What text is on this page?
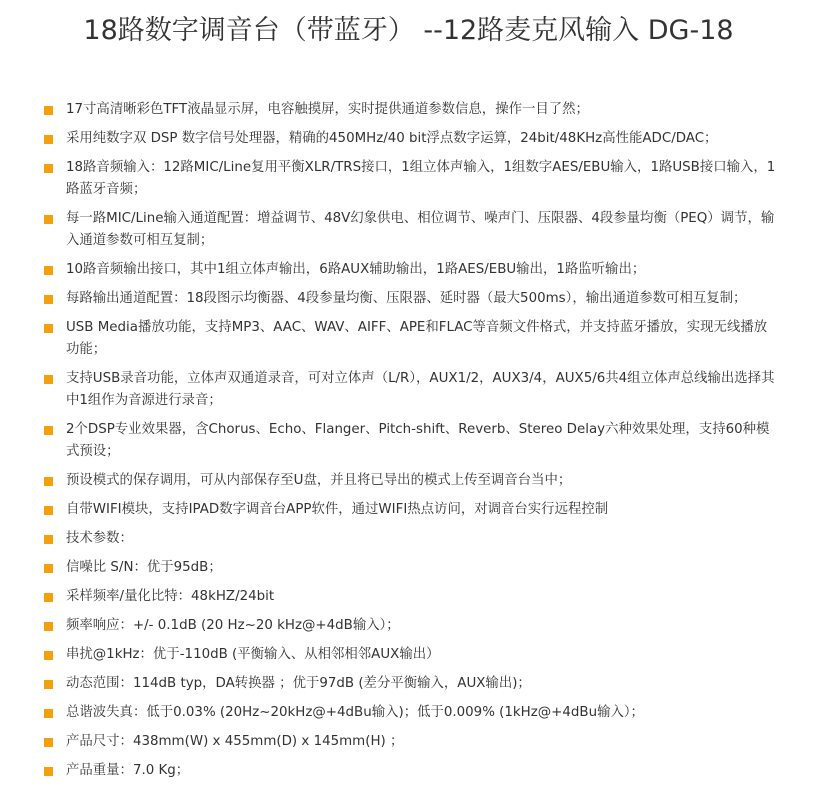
18路数字调音台（带蓝牙） --12路麦克风输入 DG-18
17寸高清晰彩色TFT液晶显示屏，电容触摸屏，实时提供通道参数信息，操作一目了然；
采用纯数字双 DSP 数字信号处理器，精确的450MHz/40 bit浮点数字运算，24bit/48KHz高性能ADC/DAC；
18路音频输入：12路MIC/Line复用平衡XLR/TRS接口，1组立体声输入，1组数字AES/EBU输入，1路USB接口输入，1路蓝牙音频；
每一路MIC/Line输入通道配置：增益调节、48V幻象供电、相位调节、噪声门、压限器、4段参量均衡（PEQ）调节，输入通道参数可相互复制；
10路音频输出接口，其中1组立体声输出，6路AUX辅助输出，1路AES/EBU输出，1路监听输出；
每路输出通道配置：18段图示均衡器、4段参量均衡、压限器、延时器（最大500ms），输出通道参数可相互复制；
USB Media播放功能，支持MP3、AAC、WAV、AIFF、APE和FLAC等音频文件格式，并支持蓝牙播放，实现无线播放功能；
支持USB录音功能，立体声双通道录音，可对立体声（L/R），AUX1/2，AUX3/4，AUX5/6共4组立体声总线输出选择其中1组作为音源进行录音；
2个DSP专业效果器，含Chorus、Echo、Flanger、Pitch-shift、Reverb、Stereo Delay六种效果处理，支持60种模式预设；
预设模式的保存调用，可从内部保存至U盘，并且将已导出的模式上传至调音台当中；
自带WIFI模块，支持IPAD数字调音台APP软件，通过WIFI热点访问，对调音台实行远程控制
技术参数：
信噪比 S/N：优于95dB；
采样频率/量化比特：48kHZ/24bit
频率响应：+/- 0.1dB (20 Hz~20 kHz@+4dB输入）；
串扰@1kHz：优于-110dB (平衡输入、从相邻相邻AUX输出）
动态范围：114dB typ，DA转换器 ；优于97dB (差分平衡输入，AUX输出)；
总谐波失真：低于0.03% (20Hz~20kHz@+4dBu输入)；低于0.009% (1kHz@+4dBu输入）；
产品尺寸：438mm(W) x 455mm(D) x 145mm(H) ；
产品重量：7.0 Kg；
